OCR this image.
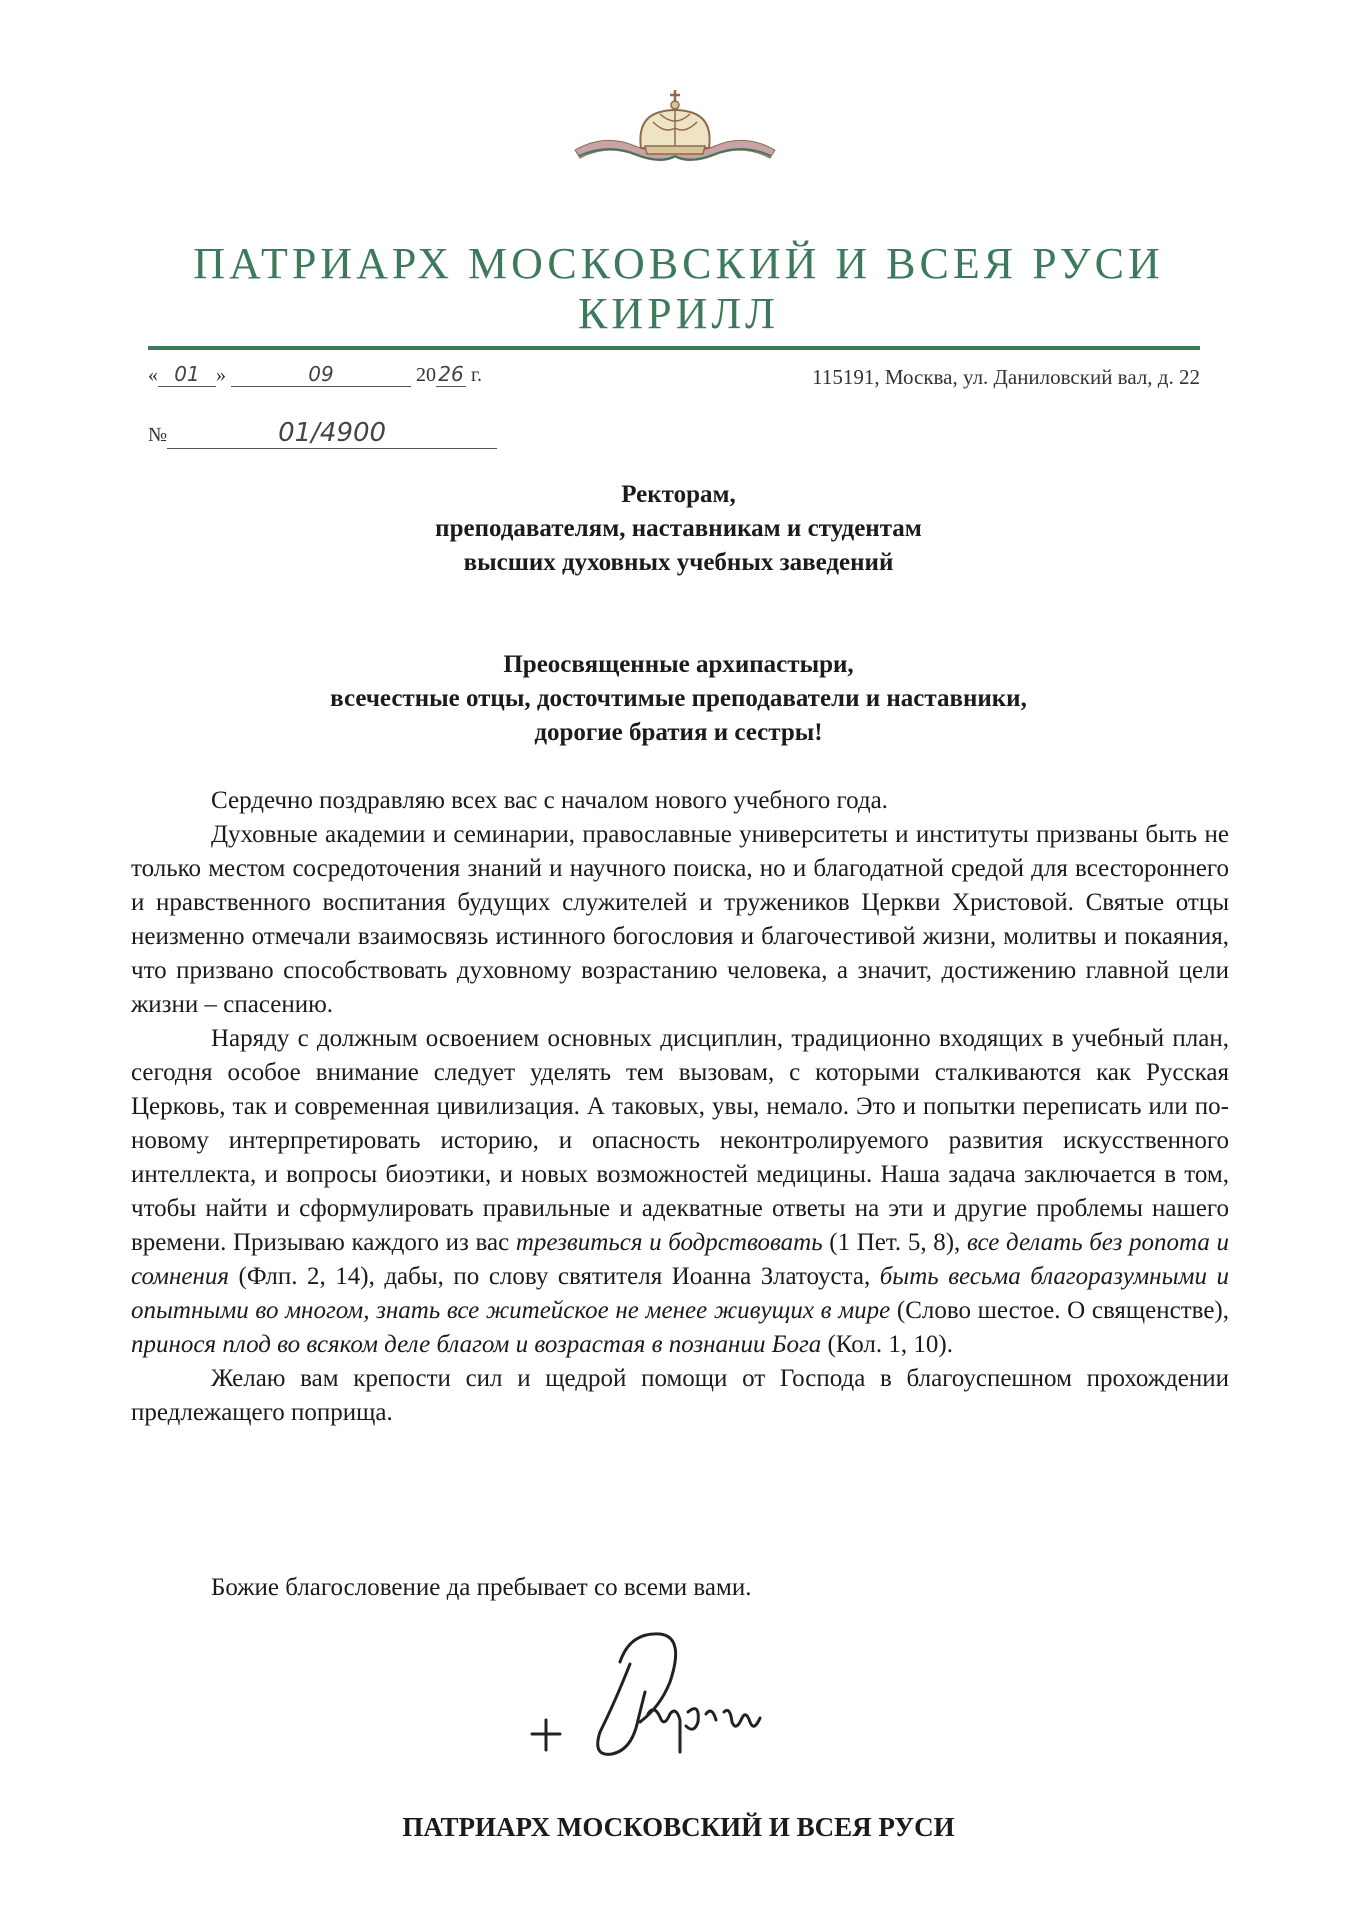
ПАТРИАРХ МОСКОВСКИЙ И ВСЕЯ РУСИ
КИРИЛЛ
« 01 »	09	20 26 г.	115191, Москва, ул. Даниловский вал, д. 22
№	01/4900
Ректорам,
преподавателям, наставникам и студентам
высших духовных учебных заведений
Преосвященные архипастыри,
всечестные отцы, досточтимые преподаватели и наставники,
дорогие братия и сестры!

Сердечно поздравляю всех вас с началом нового учебного года.

Духовные академии и семинарии, православные университеты и институты призваны быть не только местом сосредоточения знаний и научного поиска, но и благодатной средой для всестороннего и нравственного воспитания будущих служителей и тружеников Церкви Христовой. Святые отцы неизменно отмечали взаимосвязь истинного богословия и благочестивой жизни, молитвы и покаяния, что призвано способствовать духовному возрастанию человека, а значит, достижению главной цели жизни – спасению.

Наряду с должным освоением основных дисциплин, традиционно входящих в учебный план, сегодня особое внимание следует уделять тем вызовам, с которыми сталкиваются как Русская Церковь, так и современная цивилизация. А таковых, увы, немало. Это и попытки переписать или по-новому интерпретировать историю, и опасность неконтролируемого развития искусственного интеллекта, и вопросы биоэтики, и новых возможностей медицины. Наша задача заключается в том, чтобы найти и сформулировать правильные и адекватные ответы на эти и другие проблемы нашего времени. Призываю каждого из вас трезвиться и бодрствовать (1 Пет. 5, 8), все делать без ропота и сомнения (Флп. 2, 14), дабы, по слову святителя Иоанна Златоуста, быть весьма благоразумными и опытными во многом, знать все житейское не менее живущих в мире (Слово шестое. О священстве), принося плод во всяком деле благом и возрастая в познании Бога (Кол. 1, 10).

Желаю вам крепости сил и щедрой помощи от Господа в благоуспешном прохождении предлежащего поприща.

Божие благословение да пребывает со всеми вами.
ПАТРИАРХ МОСКОВСКИЙ И ВСЕЯ РУСИ
